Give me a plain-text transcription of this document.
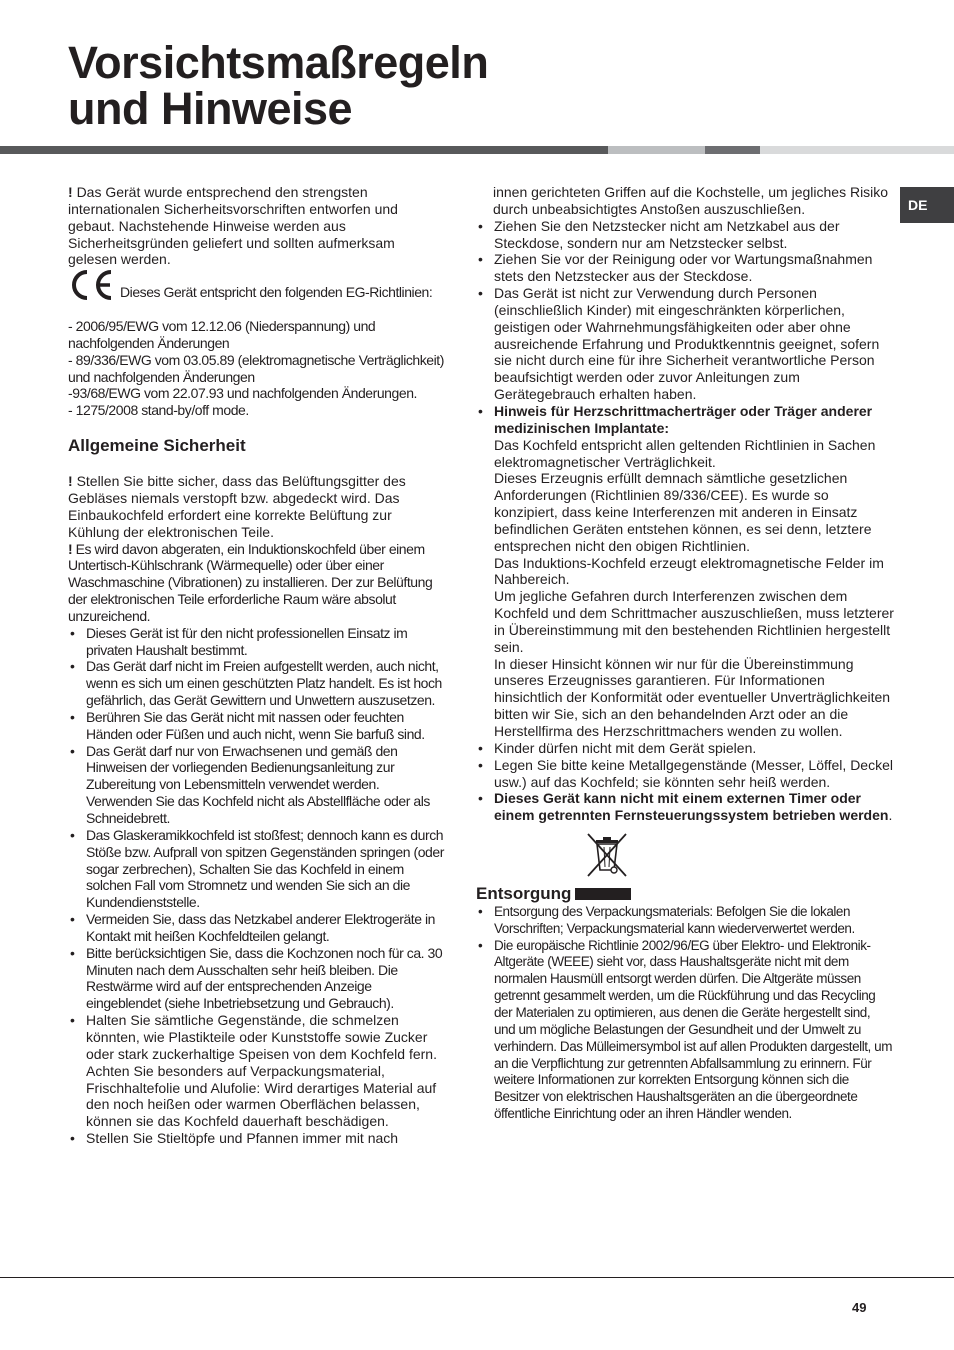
Vorsichtsmaßregeln
und Hinweise
DE

! Das Gerät wurde entsprechend den strengsten internationalen Sicherheitsvorschriften entworfen und gebaut. Nachstehende Hinweise werden aus Sicherheitsgründen geliefert und sollten aufmerksam gelesen werden.

Dieses Gerät entspricht den folgenden EG-Richtlinien:

- 2006/95/EWG vom 12.12.06 (Niederspannung) und nachfolgenden Änderungen

- 89/336/EWG vom 03.05.89 (elektromagnetische Verträglichkeit) und nachfolgenden Änderungen

-93/68/EWG vom 22.07.93 und nachfolgenden Änderungen.

- 1275/2008 stand-by/off mode.

Allgemeine Sicherheit

! Stellen Sie bitte sicher, dass das Belüftungsgitter des Gebläses niemals verstopft bzw. abgedeckt wird. Das Einbaukochfeld erfordert eine korrekte Belüftung zur Kühlung der elektronischen Teile.

! Es wird davon abgeraten, ein Induktionskochfeld über einem Untertisch-Kühlschrank (Wärmequelle) oder über einer Waschmaschine (Vibrationen) zu installieren. Der zur Belüftung der elektronischen Teile erforderliche Raum wäre absolut unzureichend.

• Dieses Gerät ist für den nicht professionellen Einsatz im privaten Haushalt bestimmt.
• Das Gerät darf nicht im Freien aufgestellt werden, auch nicht, wenn es sich um einen geschützten Platz handelt. Es ist hoch gefährlich, das Gerät Gewittern und Unwettern auszusetzen.
• Berühren Sie das Gerät nicht mit nassen oder feuchten Händen oder Füßen und auch nicht, wenn Sie barfuß sind.
• Das Gerät darf nur von Erwachsenen und gemäß den Hinweisen der vorliegenden Bedienungsanleitung zur Zubereitung von Lebensmitteln verwendet werden. Verwenden Sie das Kochfeld nicht als Abstellfläche oder als Schneidebrett.
• Das Glaskeramikkochfeld ist stoßfest; dennoch kann es durch Stöße bzw. Aufprall von spitzen Gegenständen springen (oder sogar zerbrechen), Schalten Sie das Kochfeld in einem solchen Fall vom Stromnetz und wenden Sie sich an die Kundendienststelle.
• Vermeiden Sie, dass das Netzkabel anderer Elektrogeräte in Kontakt mit heißen Kochfeldteilen gelangt.
• Bitte berücksichtigen Sie, dass die Kochzonen noch für ca. 30 Minuten nach dem Ausschalten sehr heiß bleiben. Die Restwärme wird auf der entsprechenden Anzeige eingeblendet (siehe Inbetriebsetzung und Gebrauch).
• Halten Sie sämtliche Gegenstände, die schmelzen könnten, wie Plastikteile oder Kunststoffe sowie Zucker oder stark zuckerhaltige Speisen von dem Kochfeld fern. Achten Sie besonders auf Verpackungsmaterial, Frischhaltefolie und Alufolie: Wird derartiges Material auf den noch heißen oder warmen Oberflächen belassen, können sie das Kochfeld dauerhaft beschädigen.
• Stellen Sie Stieltöpfe und Pfannen immer mit nach

innen gerichteten Griffen auf die Kochstelle, um jegliches Risiko durch unbeabsichtigtes Anstoßen auszuschließen.

• Ziehen Sie den Netzstecker nicht am Netzkabel aus der Steckdose, sondern nur am Netzstecker selbst.
• Ziehen Sie vor der Reinigung oder vor Wartungsmaßnahmen stets den Netzstecker aus der Steckdose.
• Das Gerät ist nicht zur Verwendung durch Personen (einschließlich Kinder) mit eingeschränkten körperlichen, geistigen oder Wahrnehmungsfähigkeiten oder aber ohne ausreichende Erfahrung und Produktkenntnis geeignet, sofern sie nicht durch eine für ihre Sicherheit verantwortliche Person beaufsichtigt werden oder zuvor Anleitungen zum Gerätegebrauch erhalten haben.
• Hinweis für Herzschrittmacherträger oder Träger anderer medizinischen Implantate:

Das Kochfeld entspricht allen geltenden Richtlinien in Sachen elektromagnetischer Verträglichkeit.

Dieses Erzeugnis erfüllt demnach sämtliche gesetzlichen Anforderungen (Richtlinien 89/336/CEE). Es wurde so konzipiert, dass keine Interferenzen mit anderen in Einsatz befindlichen Geräten entstehen können, es sei denn, letztere entsprechen nicht den obigen Richtlinien.

Das Induktions-Kochfeld erzeugt elektromagnetische Felder im Nahbereich.

Um jegliche Gefahren durch Interferenzen zwischen dem Kochfeld und dem Schrittmacher auszuschließen, muss letzterer in Übereinstimmung mit den bestehenden Richtlinien hergestellt sein.

In dieser Hinsicht können wir nur für die Übereinstimmung unseres Erzeugnisses garantieren. Für Informationen hinsichtlich der Konformität oder eventueller Unverträglichkeiten bitten wir Sie, sich an den behandelnden Arzt oder an die Herstellfirma des Herzschrittmachers wenden zu wollen.

• Kinder dürfen nicht mit dem Gerät spielen.
• Legen Sie bitte keine Metallgegenstände (Messer, Löffel, Deckel usw.) auf das Kochfeld; sie könnten sehr heiß werden.
• Dieses Gerät kann nicht mit einem externen Timer oder einem getrennten Fernsteuerungssystem betrieben werden.
Entsorgung
• Entsorgung des Verpackungsmaterials: Befolgen Sie die lokalen Vorschriften; Verpackungsmaterial kann wiederverwertet werden.
• Die europäische Richtlinie 2002/96/EG über Elektro- und Elektronik-Altgeräte (WEEE) sieht vor, dass Haushaltsgeräte nicht mit dem normalen Hausmüll entsorgt werden dürfen. Die Altgeräte müssen getrennt gesammelt werden, um die Rückführung und das Recycling der Materialen zu optimieren, aus denen die Geräte hergestellt sind, und um mögliche Belastungen der Gesundheit und der Umwelt zu verhindern. Das Mülleimersymbol ist auf allen Produkten dargestellt, um an die Verpflichtung zur getrennten Abfallsammlung zu erinnern. Für weitere Informationen zur korrekten Entsorgung können sich die Besitzer von elektrischen Haushaltsgeräten an die übergeordnete öffentliche Einrichtung oder an ihren Händler wenden.
49
